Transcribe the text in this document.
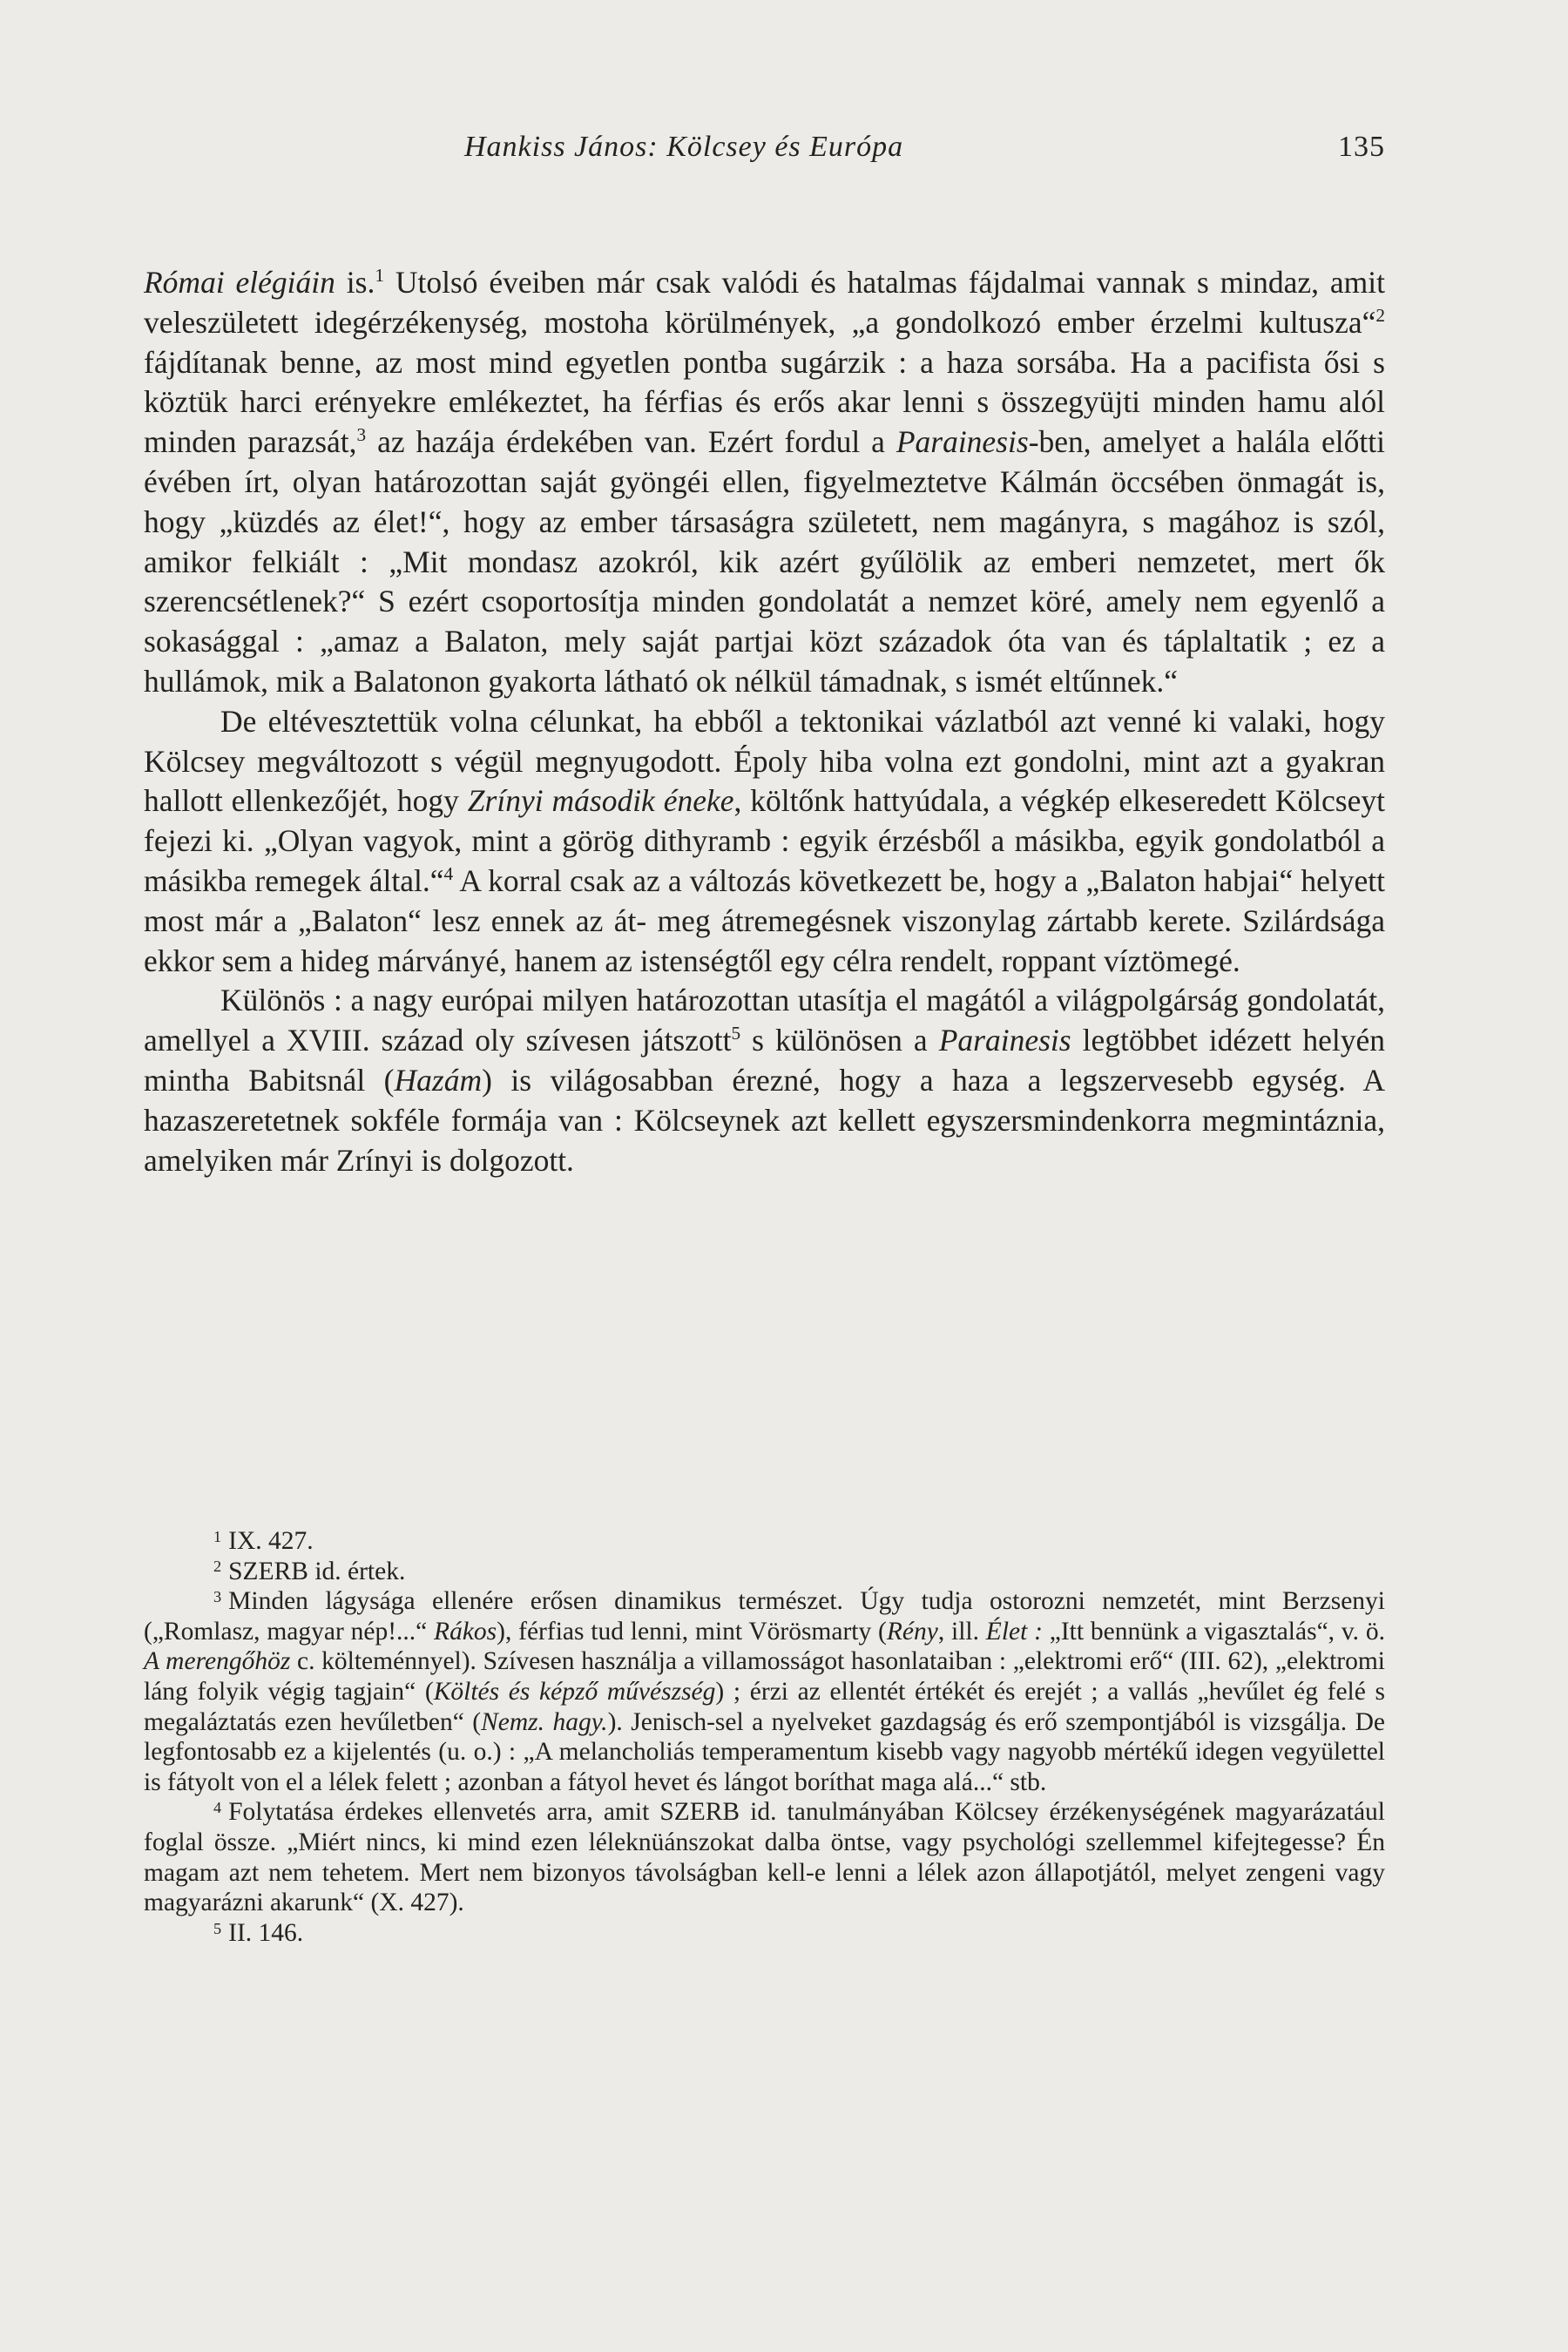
Hankiss János: Kölcsey és Európa	135

Római elégiáin is.$^1$ Utolsó éveiben már csak valódi és hatalmas fájdalmai vannak s mindaz, amit veleszületett idegérzékenység, mostoha körülmények, „a gondolkozó ember érzelmi kultusza“$^2$ fájdítanak benne, az most mind egyetlen pontba sugárzik : a haza sorsába. Ha a pacifista ősi s köztük harci erényekre emlékeztet, ha férfias és erős akar lenni s összegyüjti minden hamu alól minden parazsát,$^3$ az hazája érdekében van. Ezért fordul a Parainesis-ben, amelyet a halála előtti évében írt, olyan határozottan saját gyöngéi ellen, figyelmeztetve Kálmán öccsében önmagát is, hogy „küzdés az élet!“, hogy az ember társaságra született, nem magányra, s magához is szól, amikor felkiált : „Mit mondasz azokról, kik azért gyűlölik az emberi nemzetet, mert ők szerencsétlenek?“ S ezért csoportosítja minden gondolatát a nemzet köré, amely nem egyenlő a sokasággal : „amaz a Balaton, mely saját partjai közt századok óta van és táplaltatik ; ez a hullámok, mik a Balatonon gyakorta látható ok nélkül támadnak, s ismét eltűnnek.“

De eltévesztettük volna célunkat, ha ebből a tektonikai vázlatból azt venné ki valaki, hogy Kölcsey megváltozott s végül megnyugodott. Époly hiba volna ezt gondolni, mint azt a gyakran hallott ellenkezőjét, hogy Zrínyi második éneke, költőnk hattyúdala, a végkép elkeseredett Kölcseyt fejezi ki. „Olyan vagyok, mint a görög dithyramb : egyik érzésből a másikba, egyik gondolatból a másikba remegek által.“$^4$ A korral csak az a változás következett be, hogy a „Balaton habjai“ helyett most már a „Balaton“ lesz ennek az át- meg átremegésnek viszonylag zártabb kerete. Szilárdsága ekkor sem a hideg márványé, hanem az istenségtől egy célra rendelt, roppant víztömegé.

Különös : a nagy európai milyen határozottan utasítja el magától a világpolgárság gondolatát, amellyel a XVIII. század oly szívesen játszott$^5$ s különösen a Parainesis legtöbbet idézett helyén mintha Babitsnál (Hazám) is világosabban érezné, hogy a haza a legszervesebb egység. A hazaszeretetnek sokféle formája van : Kölcseynek azt kellett egyszersmindenkorra megmintáznia, amelyiken már Zrínyi is dolgozott.

$^1$ IX. 427.

$^2$ SZERB id. értek.

$^3$ Minden lágysága ellenére erősen dinamikus természet. Úgy tudja ostorozni nemzetét, mint Berzsenyi („Romlasz, magyar nép!...“ Rákos), férfias tud lenni, mint Vörösmarty (Rény, ill. Élet : „Itt bennünk a vigasztalás“, v. ö. A merengőhöz c. költeménnyel). Szívesen használja a villamosságot hasonlataiban : „elektromi erő“ (III. 62), „elektromi láng folyik végig tagjain“ (Költés és képző művészség) ; érzi az ellentét értékét és erejét ; a vallás „hevűlet ég felé s megaláztatás ezen hevűletben“ (Nemz. hagy.). Jenisch-sel a nyelveket gazdagság és erő szempontjából is vizsgálja. De legfontosabb ez a kijelentés (u. o.) : „A melancholiás temperamentum kisebb vagy nagyobb mértékű idegen vegyülettel is fátyolt von el a lélek felett ; azonban a fátyol hevet és lángot boríthat maga alá...“ stb.

$^4$ Folytatása érdekes ellenvetés arra, amit SZERB id. tanulmányában Kölcsey érzékenységének magyarázatául foglal össze. „Miért nincs, ki mind ezen léleknüánszokat dalba öntse, vagy psychológi szellemmel kifejtegesse? Én magam azt nem tehetem. Mert nem bizonyos távolságban kell-e lenni a lélek azon állapotjától, melyet zengeni vagy magyarázni akarunk“ (X. 427).

$^5$ II. 146.
